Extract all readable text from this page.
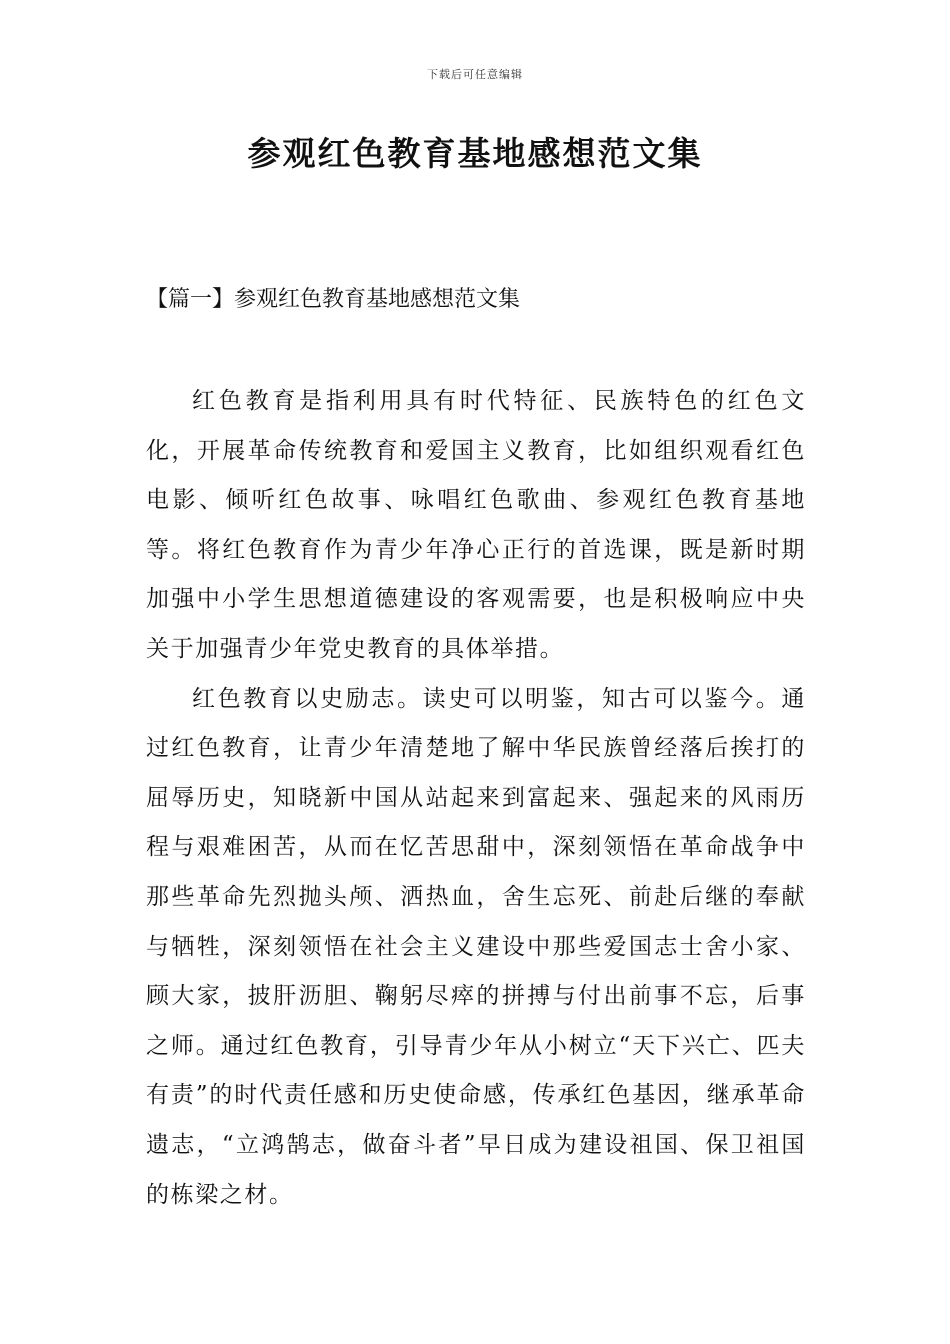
下载后可任意编辑
参观红色教育基地感想范文集
【篇一】参观红色教育基地感想范文集

红色教育是指利用具有时代特征、民族特色的红色文化，开展革命传统教育和爱国主义教育，比如组织观看红色电影、倾听红色故事、咏唱红色歌曲、参观红色教育基地等。将红色教育作为青少年净心正行的首选课，既是新时期加强中小学生思想道德建设的客观需要，也是积极响应中央关于加强青少年党史教育的具体举措。

红色教育以史励志。读史可以明鉴，知古可以鉴今。通过红色教育，让青少年清楚地了解中华民族曾经落后挨打的屈辱历史，知晓新中国从站起来到富起来、强起来的风雨历程与艰难困苦，从而在忆苦思甜中，深刻领悟在革命战争中那些革命先烈抛头颅、洒热血，舍生忘死、前赴后继的奉献与牺牲，深刻领悟在社会主义建设中那些爱国志士舍小家、顾大家，披肝沥胆、鞠躬尽瘁的拼搏与付出前事不忘，后事之师。通过红色教育，引导青少年从小树立“天下兴亡、匹夫有责”的时代责任感和历史使命感，传承红色基因，继承革命遗志，“立鸿鹄志，做奋斗者”早日成为建设祖国、保卫祖国的栋梁之材。
